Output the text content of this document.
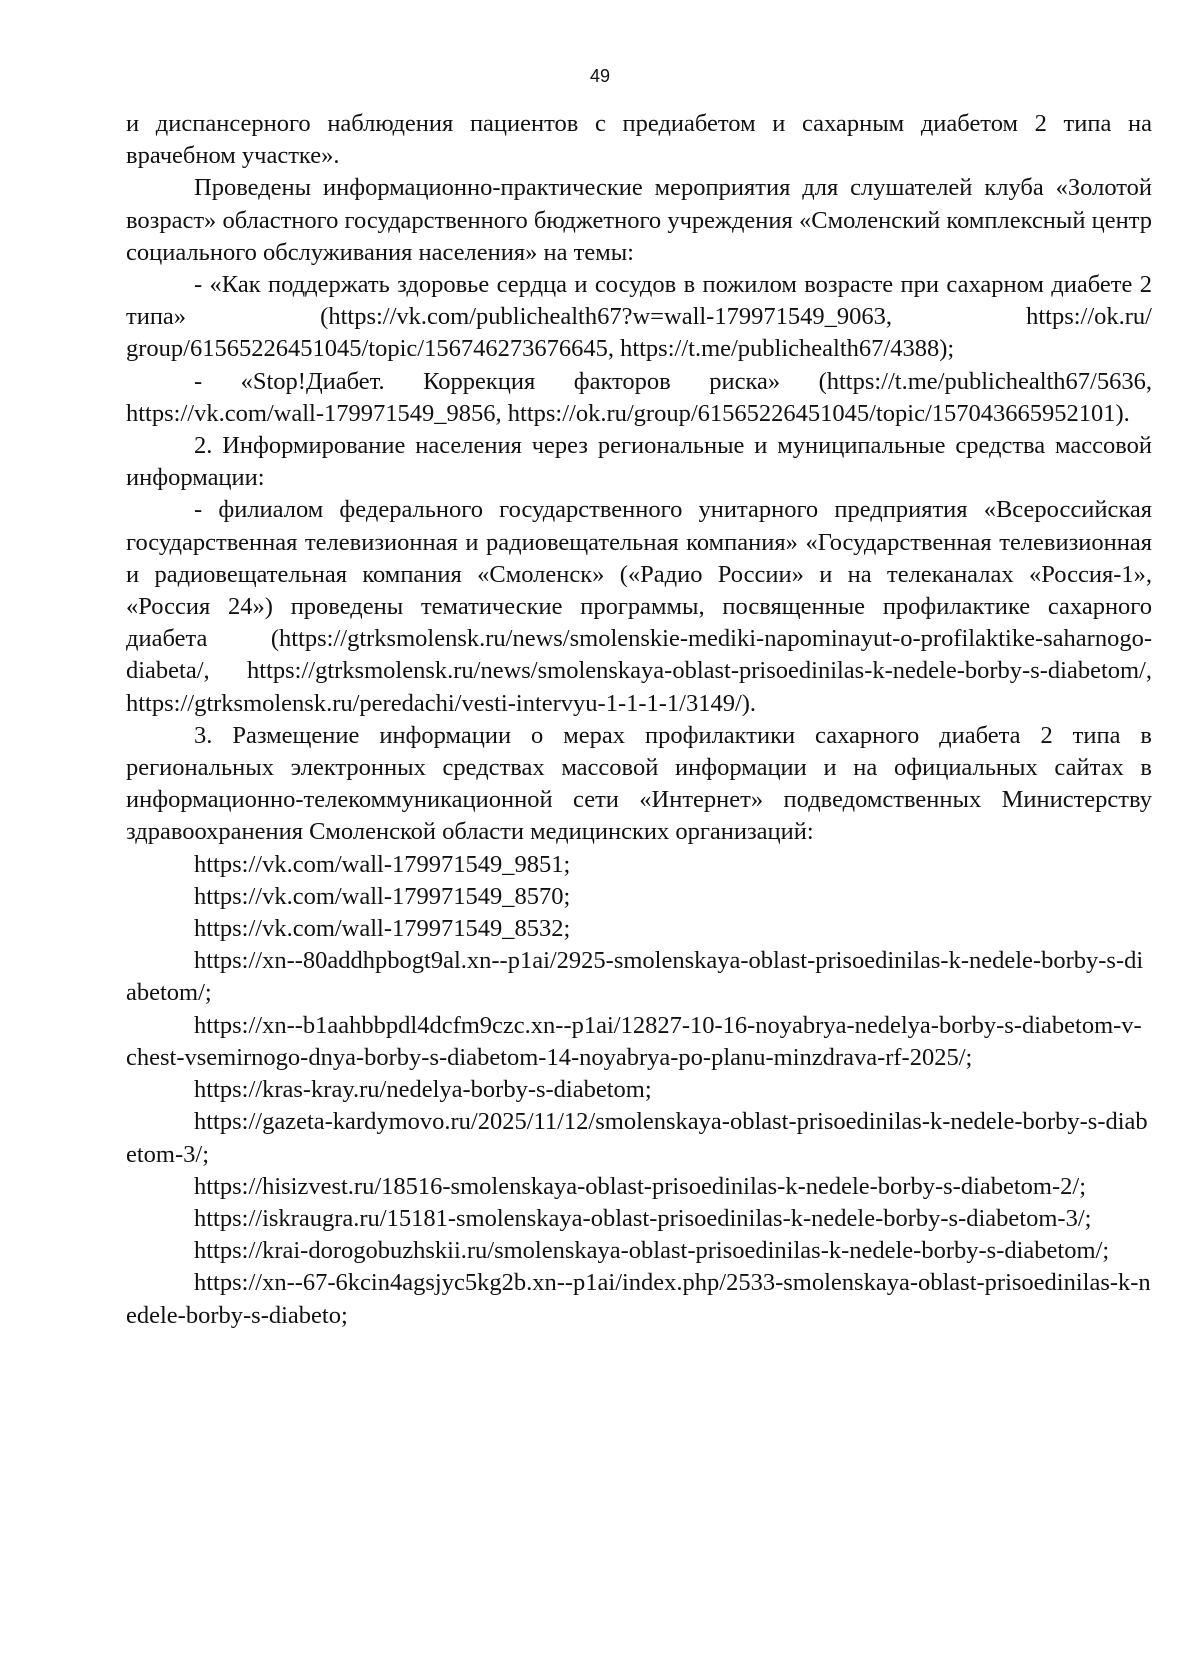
49

и диспансерного наблюдения пациентов с предиабетом и сахарным диабетом 2 типа на врачебном участке».

Проведены информационно-практические мероприятия для слушателей клуба «Золотой возраст» областного государственного бюджетного учреждения «Смоленский комплексный центр социального обслуживания населения» на темы:

- «Как поддержать здоровье сердца и сосудов в пожилом возрасте при сахарном диабете 2 типа» (https://vk.com/publichealth67?w=wall-179971549_9063, https://ok.ru/ group/61565226451045/topic/156746273676645, https://t.me/publichealth67/4388);

- «Stop!Диабет. Коррекция факторов риска» (https://t.me/publichealth67/5636, https://vk.com/wall-179971549_9856, https://ok.ru/group/61565226451045/topic/157043665952101).

2. Информирование населения через региональные и муниципальные средства массовой информации:

- филиалом федерального государственного унитарного предприятия «Всероссийская государственная телевизионная и радиовещательная компания» «Государственная телевизионная и радиовещательная компания «Смоленск» («Радио России» и на телеканалах «Россия-1», «Россия 24») проведены тематические программы, посвященные профилактике сахарного диабета (https://gtrksmolensk.ru/news/smolenskie-mediki-napominayut-o-profilaktike-saharnogo-diabeta/, https://gtrksmolensk.ru/news/smolenskaya-oblast-prisoedinilas-k-nedele-borby-s-diabetom/, https://gtrksmolensk.ru/peredachi/vesti-intervyu-1-1-1-1/3149/).

3. Размещение информации о мерах профилактики сахарного диабета 2 типа в региональных электронных средствах массовой информации и на официальных сайтах в информационно-телекоммуникационной сети «Интернет» подведомственных Министерству здравоохранения Смоленской области медицинских организаций:

https://vk.com/wall-179971549_9851;

https://vk.com/wall-179971549_8570;

https://vk.com/wall-179971549_8532;

https://xn--80addhpbogt9al.xn--p1ai/2925-smolenskaya-oblast-prisoedinilas-k-nedele-borby-s-diabetom/;

https://xn--b1aahbbpdl4dcfm9czc.xn--p1ai/12827-10-16-noyabrya-nedelya-borby-s-diabetom-v-chest-vsemirnogo-dnya-borby-s-diabetom-14-noyabrya-po-planu-minzdrava-rf-2025/;

https://kras-kray.ru/nedelya-borby-s-diabetom;

https://gazeta-kardymovo.ru/2025/11/12/smolenskaya-oblast-prisoedinilas-k-nedele-borby-s-diabetom-3/;

https://hisizvest.ru/18516-smolenskaya-oblast-prisoedinilas-k-nedele-borby-s-diabetom-2/;

https://iskraugra.ru/15181-smolenskaya-oblast-prisoedinilas-k-nedele-borby-s-diabetom-3/;

https://krai-dorogobuzhskii.ru/smolenskaya-oblast-prisoedinilas-k-nedele-borby-s-diabetom/;

https://xn--67-6kcin4agsjyc5kg2b.xn--p1ai/index.php/2533-smolenskaya-oblast-prisoedinilas-k-nedele-borby-s-diabeto;
